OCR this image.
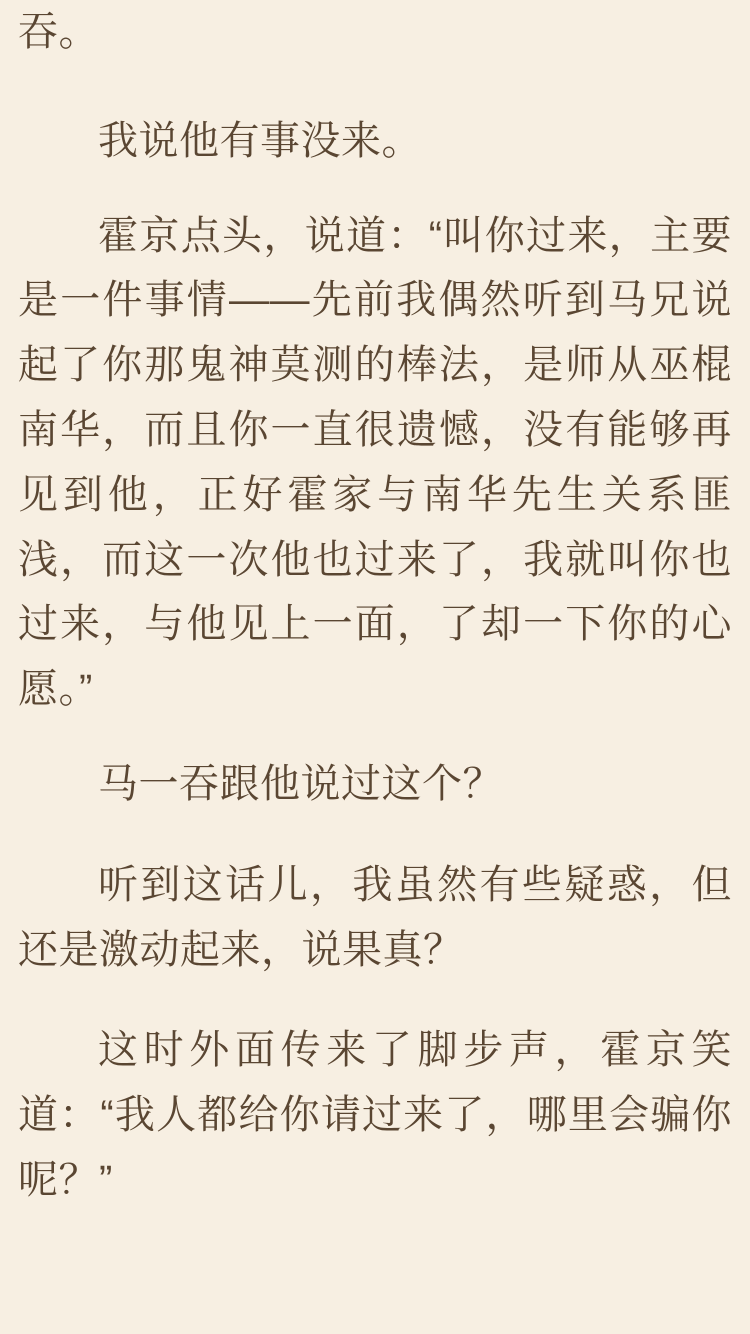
吞。

我说他有事没来。

霍京点头，说道：“叫你过来，主要是一件事情——先前我偶然听到马兄说起了你那鬼神莫测的棒法，是师从巫棍南华，而且你一直很遗憾，没有能够再见到他，正好霍家与南华先生关系匪浅，而这一次他也过来了，我就叫你也过来，与他见上一面，了却一下你的心愿。”

马一吞跟他说过这个？

听到这话儿，我虽然有些疑惑，但还是激动起来，说果真？

这时外面传来了脚步声，霍京笑道：“我人都给你请过来了，哪里会骗你呢？”
